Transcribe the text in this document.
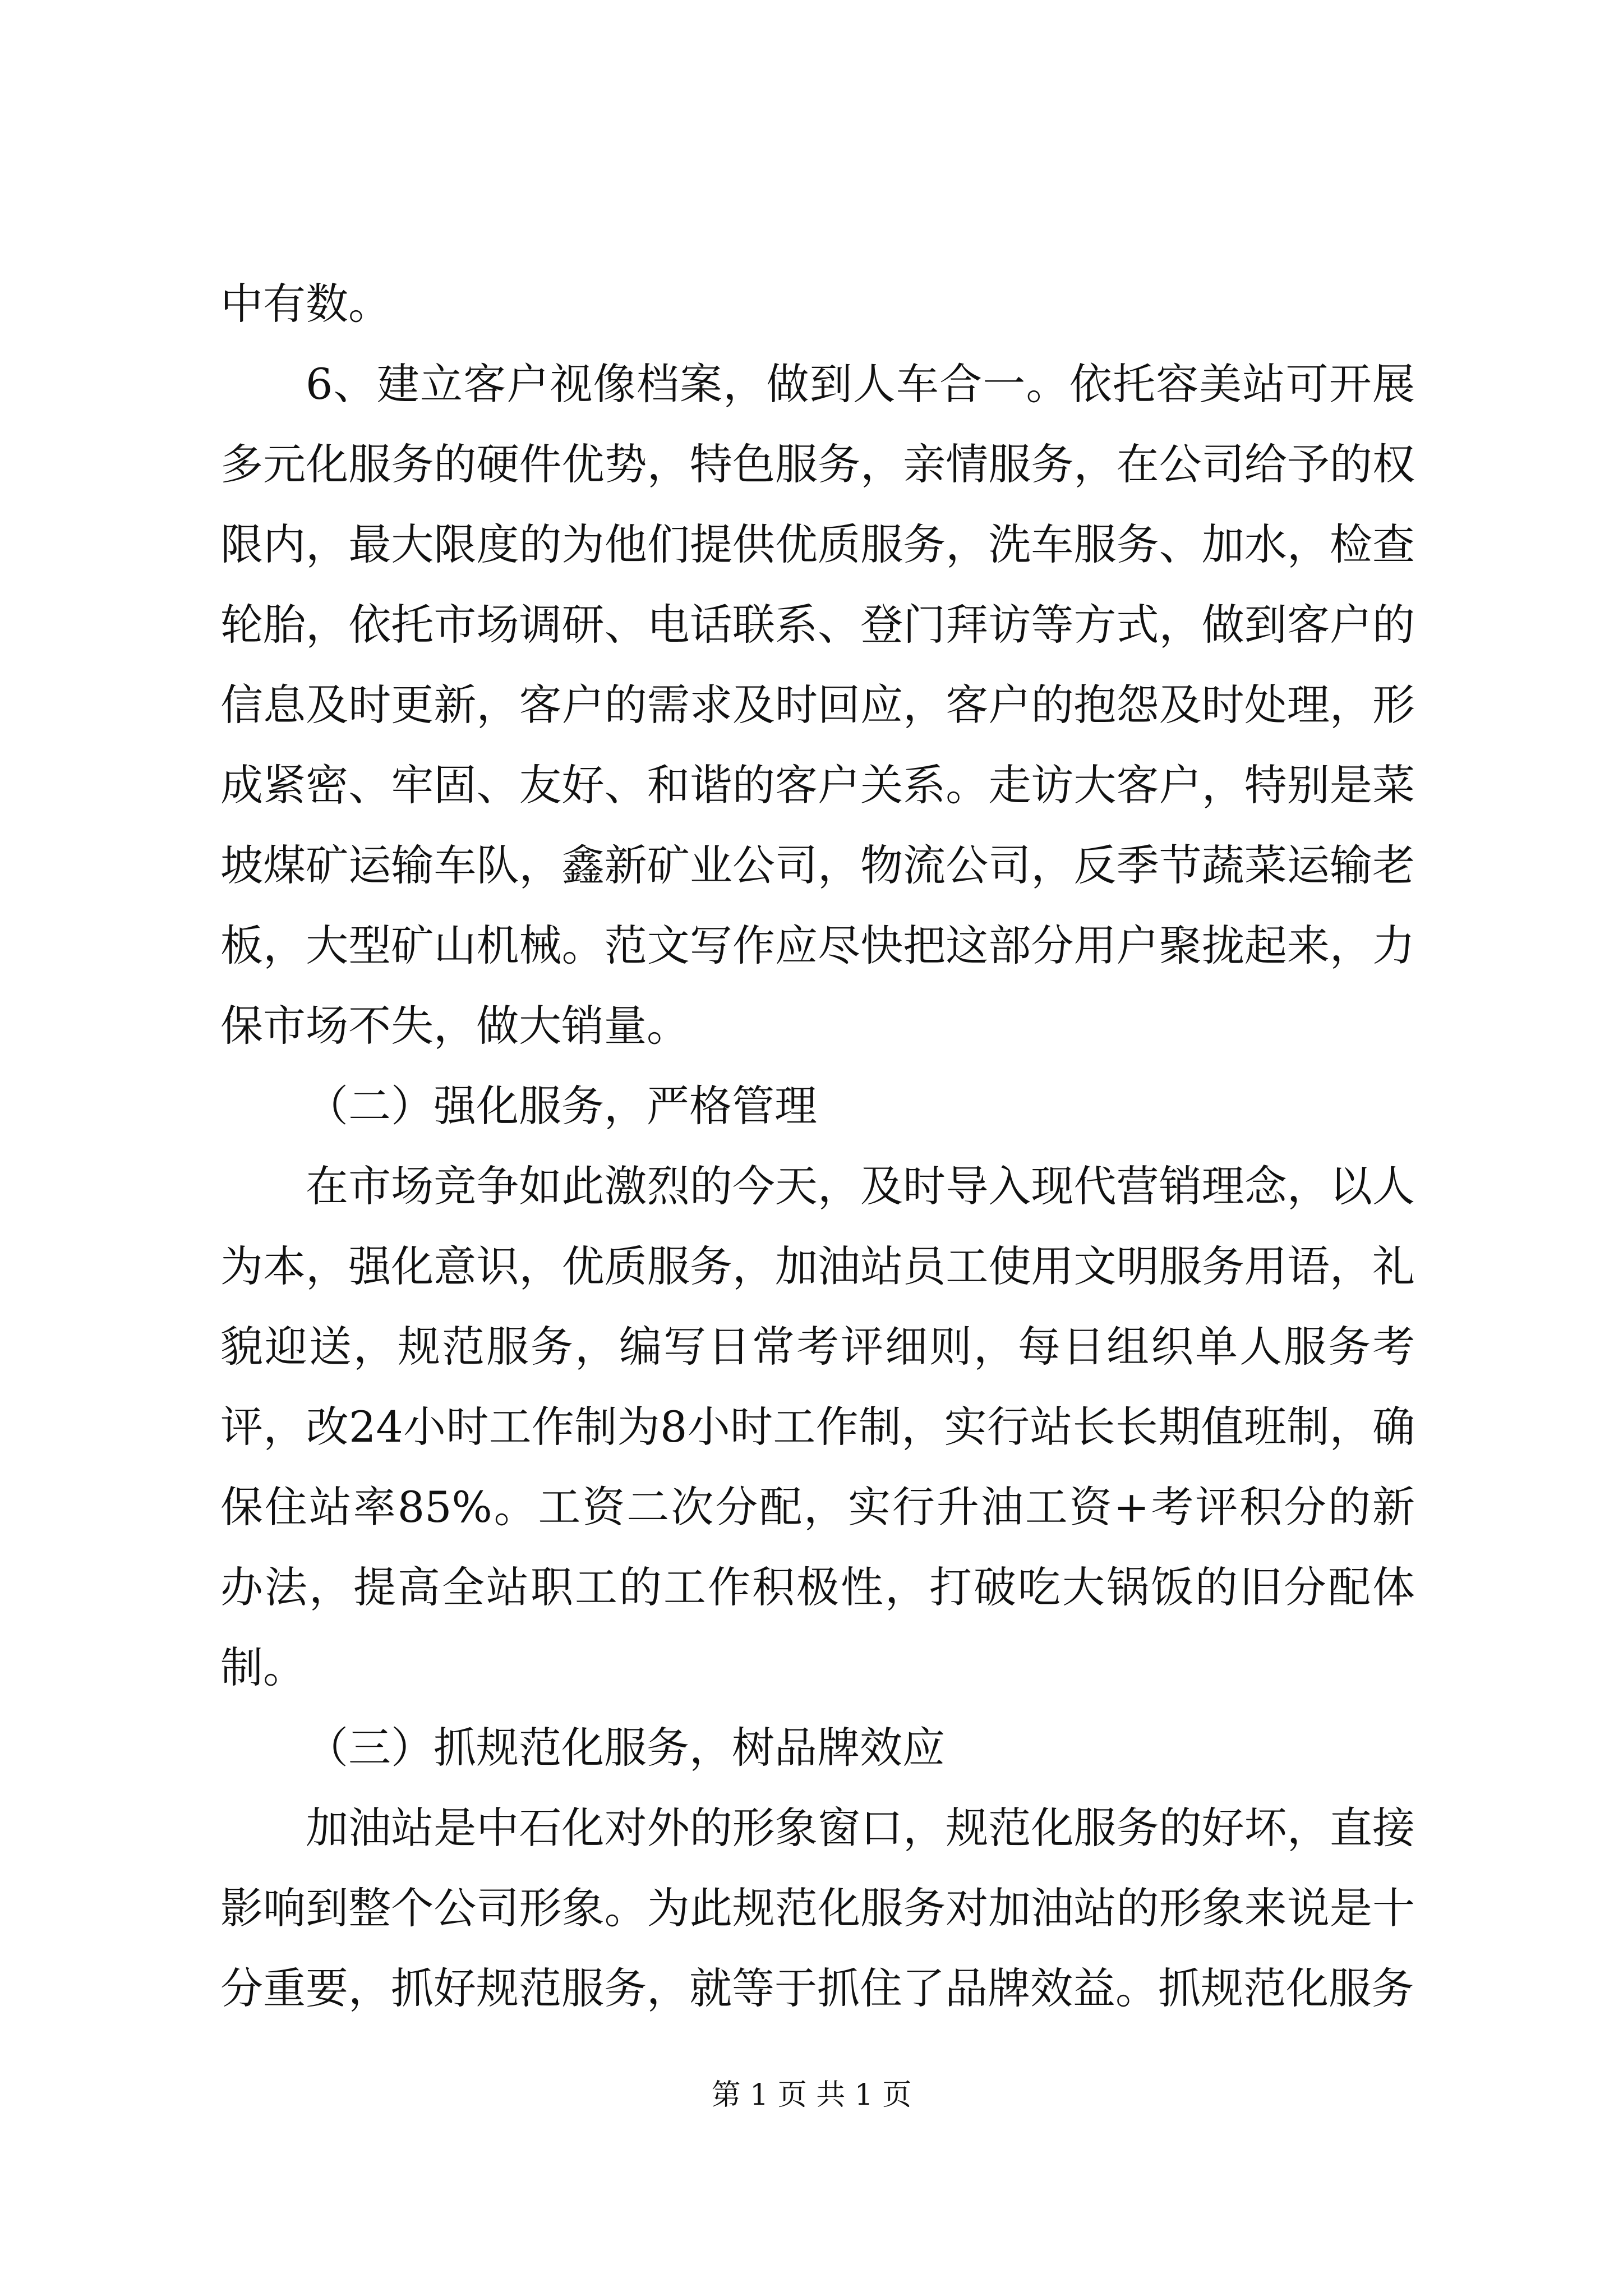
中有数。

6、建立客户视像档案，做到人车合一。依托容美站可开展多元化服务的硬件优势，特色服务，亲情服务，在公司给予的权限内，最大限度的为他们提供优质服务，洗车服务、加水，检查轮胎，依托市场调研、电话联系、登门拜访等方式，做到客户的信息及时更新，客户的需求及时回应，客户的抱怨及时处理，形成紧密、牢固、友好、和谐的客户关系。走访大客户，特别是菜坡煤矿运输车队，鑫新矿业公司，物流公司，反季节蔬菜运输老板，大型矿山机械。范文写作应尽快把这部分用户聚拢起来，力保市场不失，做大销量。

（二）强化服务，严格管理

在市场竞争如此激烈的今天，及时导入现代营销理念，以人为本，强化意识，优质服务，加油站员工使用文明服务用语，礼貌迎送，规范服务，编写日常考评细则，每日组织单人服务考评，改24小时工作制为8小时工作制，实行站长长期值班制，确保住站率85%。工资二次分配，实行升油工资+考评积分的新办法，提高全站职工的工作积极性，打破吃大锅饭的旧分配体制。

（三）抓规范化服务，树品牌效应

加油站是中石化对外的形象窗口，规范化服务的好坏，直接影响到整个公司形象。为此规范化服务对加油站的形象来说是十分重要，抓好规范服务，就等于抓住了品牌效益。抓规范化服务

第 1 页 共 1 页
